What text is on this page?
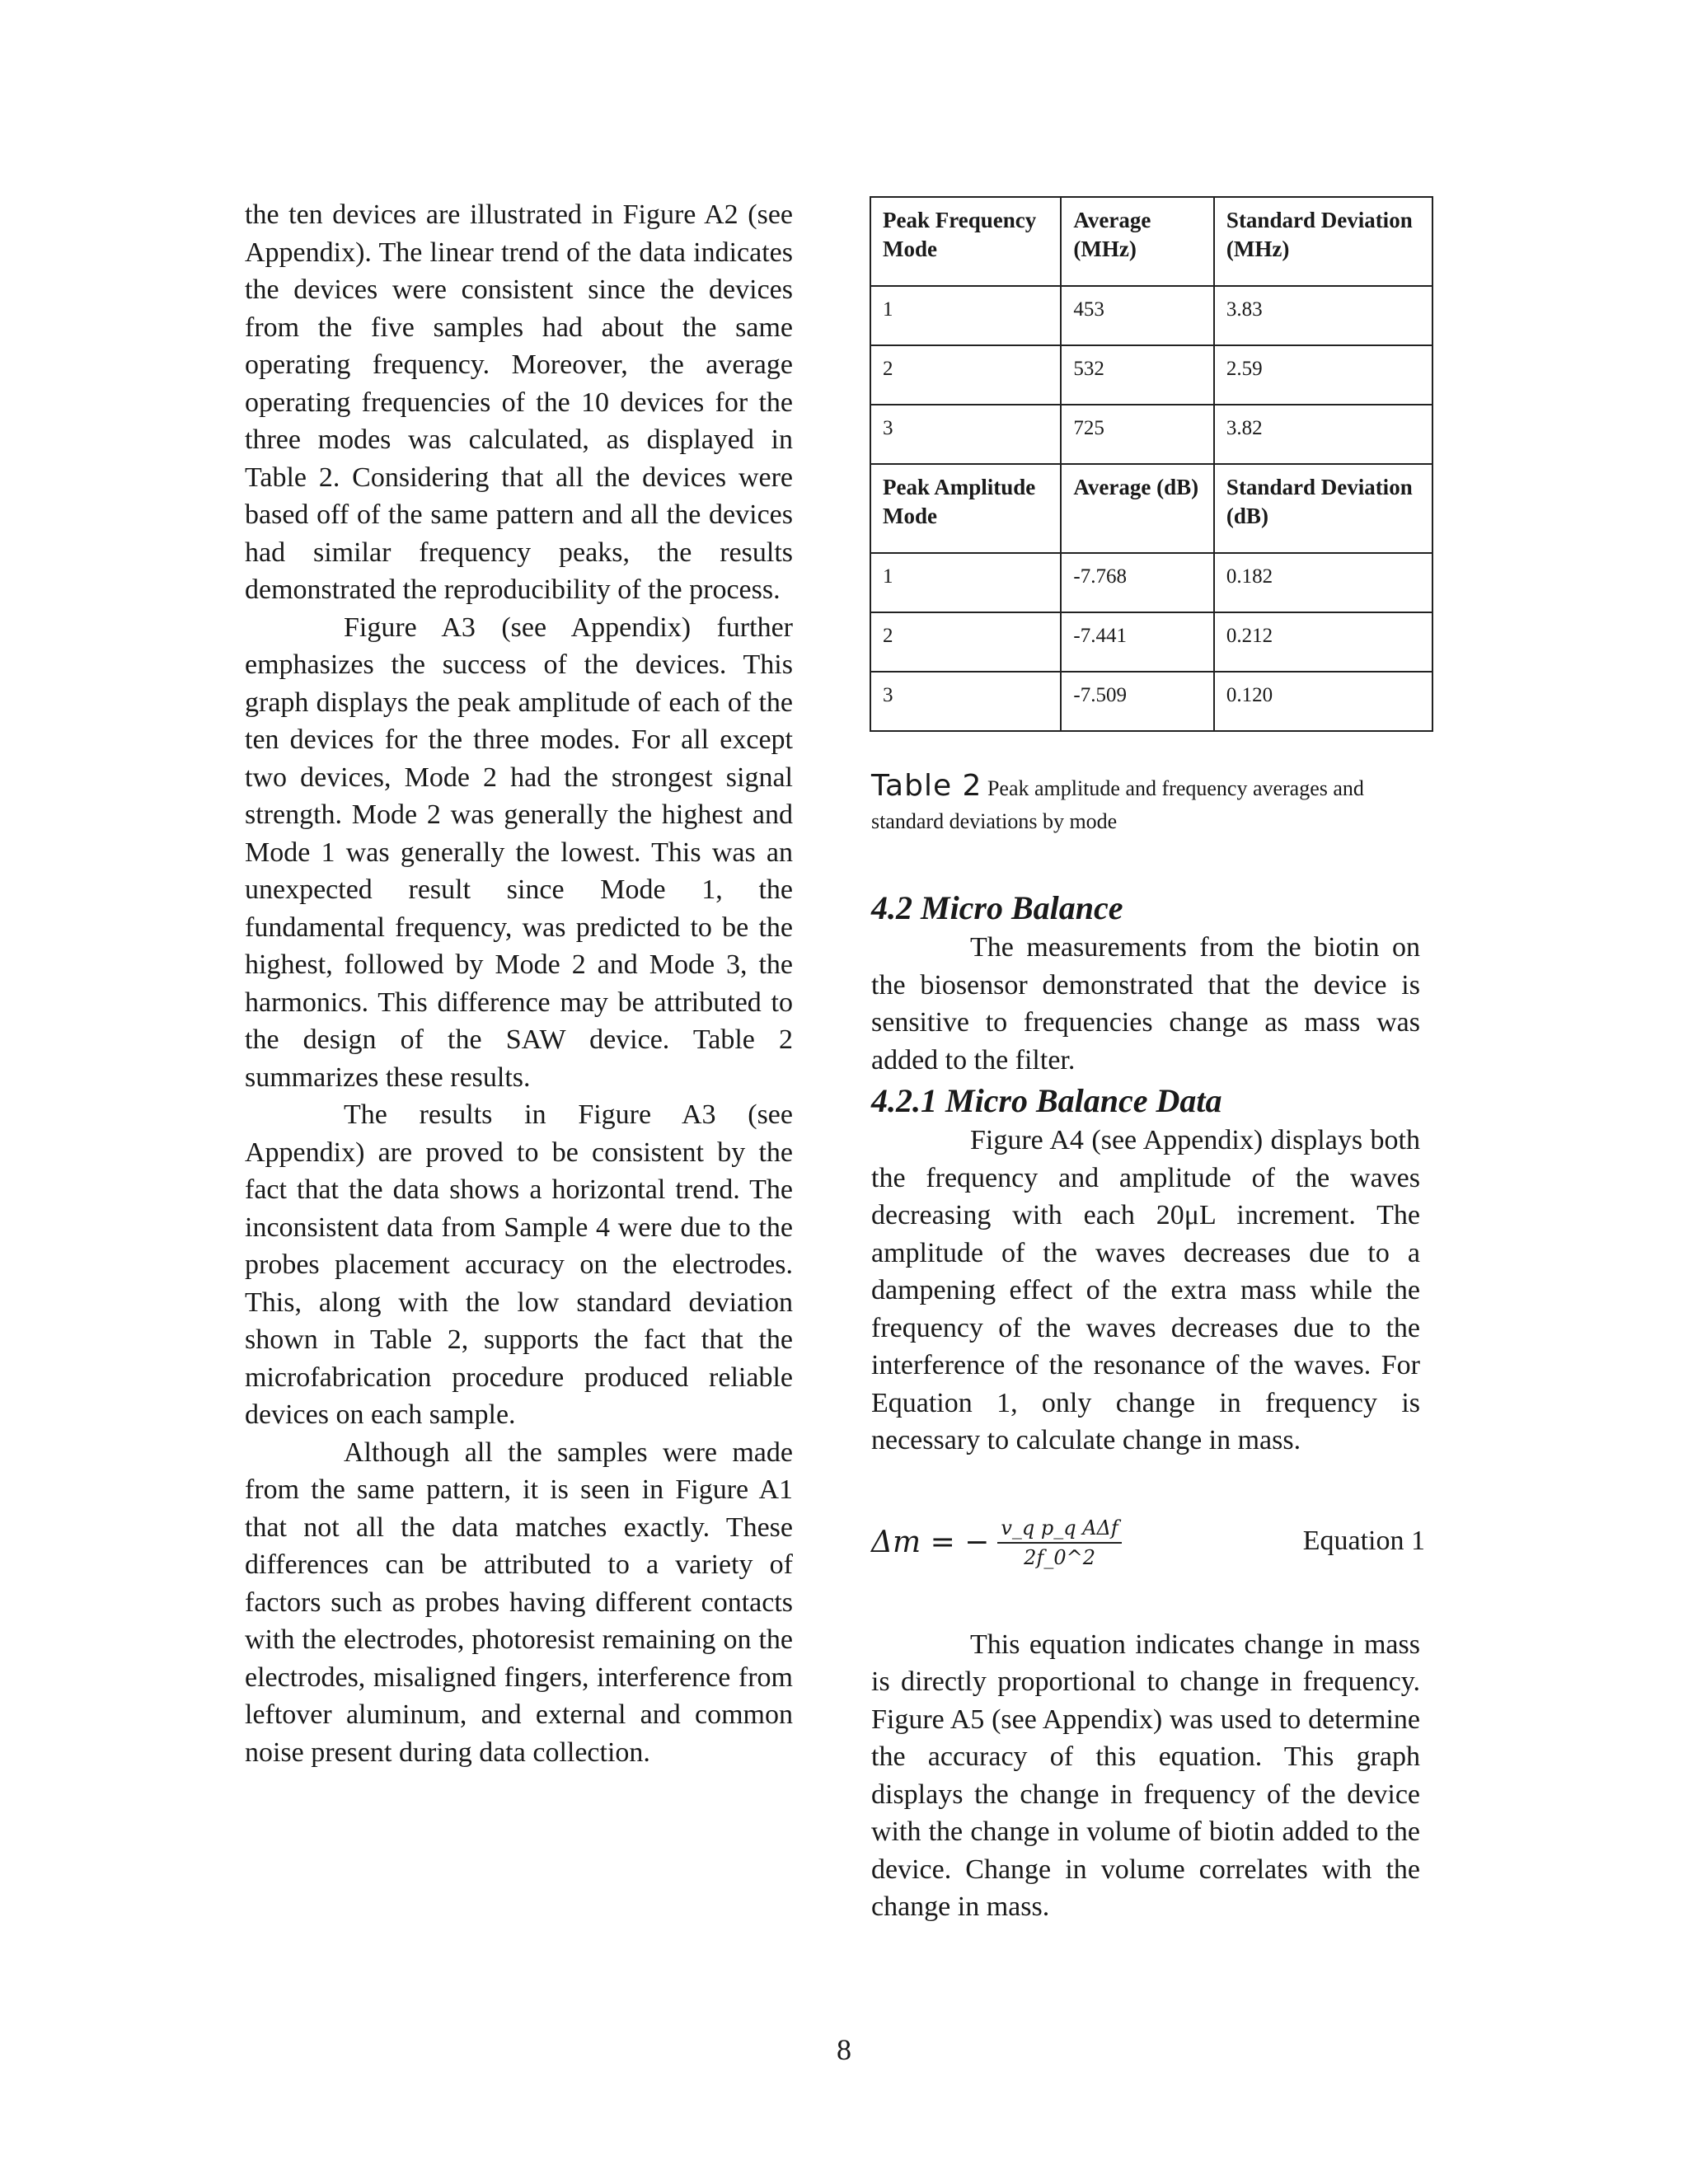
the ten devices are illustrated in Figure A2 (see Appendix). The linear trend of the data indicates the devices were consistent since the devices from the five samples had about the same operating frequency. Moreover, the average operating frequencies of the 10 devices for the three modes was calculated, as displayed in Table 2. Considering that all the devices were based off of the same pattern and all the devices had similar frequency peaks, the results demonstrated the reproducibility of the process.

Figure A3 (see Appendix) further emphasizes the success of the devices. This graph displays the peak amplitude of each of the ten devices for the three modes. For all except two devices, Mode 2 had the strongest signal strength. Mode 2 was generally the highest and Mode 1 was generally the lowest. This was an unexpected result since Mode 1, the fundamental frequency, was predicted to be the highest, followed by Mode 2 and Mode 3, the harmonics. This difference may be attributed to the design of the SAW device. Table 2 summarizes these results.

The results in Figure A3 (see Appendix) are proved to be consistent by the fact that the data shows a horizontal trend. The inconsistent data from Sample 4 were due to the probes placement accuracy on the electrodes. This, along with the low standard deviation shown in Table 2, supports the fact that the microfabrication procedure produced reliable devices on each sample.

Although all the samples were made from the same pattern, it is seen in Figure A1 that not all the data matches exactly. These differences can be attributed to a variety of factors such as probes having different contacts with the electrodes, photoresist remaining on the electrodes, misaligned fingers, interference from leftover aluminum, and external and common noise present during data collection.

Peak Frequency Mode	Average (MHz)	Standard Deviation (MHz)
1	453	3.83
2	532	2.59
3	725	3.82
Peak Amplitude Mode	Average (dB)	Standard Deviation (dB)
1	-7.768	0.182
2	-7.441	0.212
3	-7.509	0.120
Table 2 Peak amplitude and frequency averages and standard deviations by mode
4.2 Micro Balance

The measurements from the biotin on the biosensor demonstrated that the device is sensitive to frequencies change as mass was added to the filter.

4.2.1 Micro Balance Data

Figure A4 (see Appendix) displays both the frequency and amplitude of the waves decreasing with each 20μL increment. The amplitude of the waves decreases due to a dampening effect of the extra mass while the frequency of the waves decreases due to the interference of the resonance of the waves. For Equation 1, only change in frequency is necessary to calculate change in mass.

Δm = − $\frac{\text{v\_q p\_q AΔf}}{2f\_0\^{}2}$	Equation 1

This equation indicates change in mass is directly proportional to change in frequency. Figure A5 (see Appendix) was used to determine the accuracy of this equation. This graph displays the change in frequency of the device with the change in volume of biotin added to the device. Change in volume correlates with the change in mass.

8
